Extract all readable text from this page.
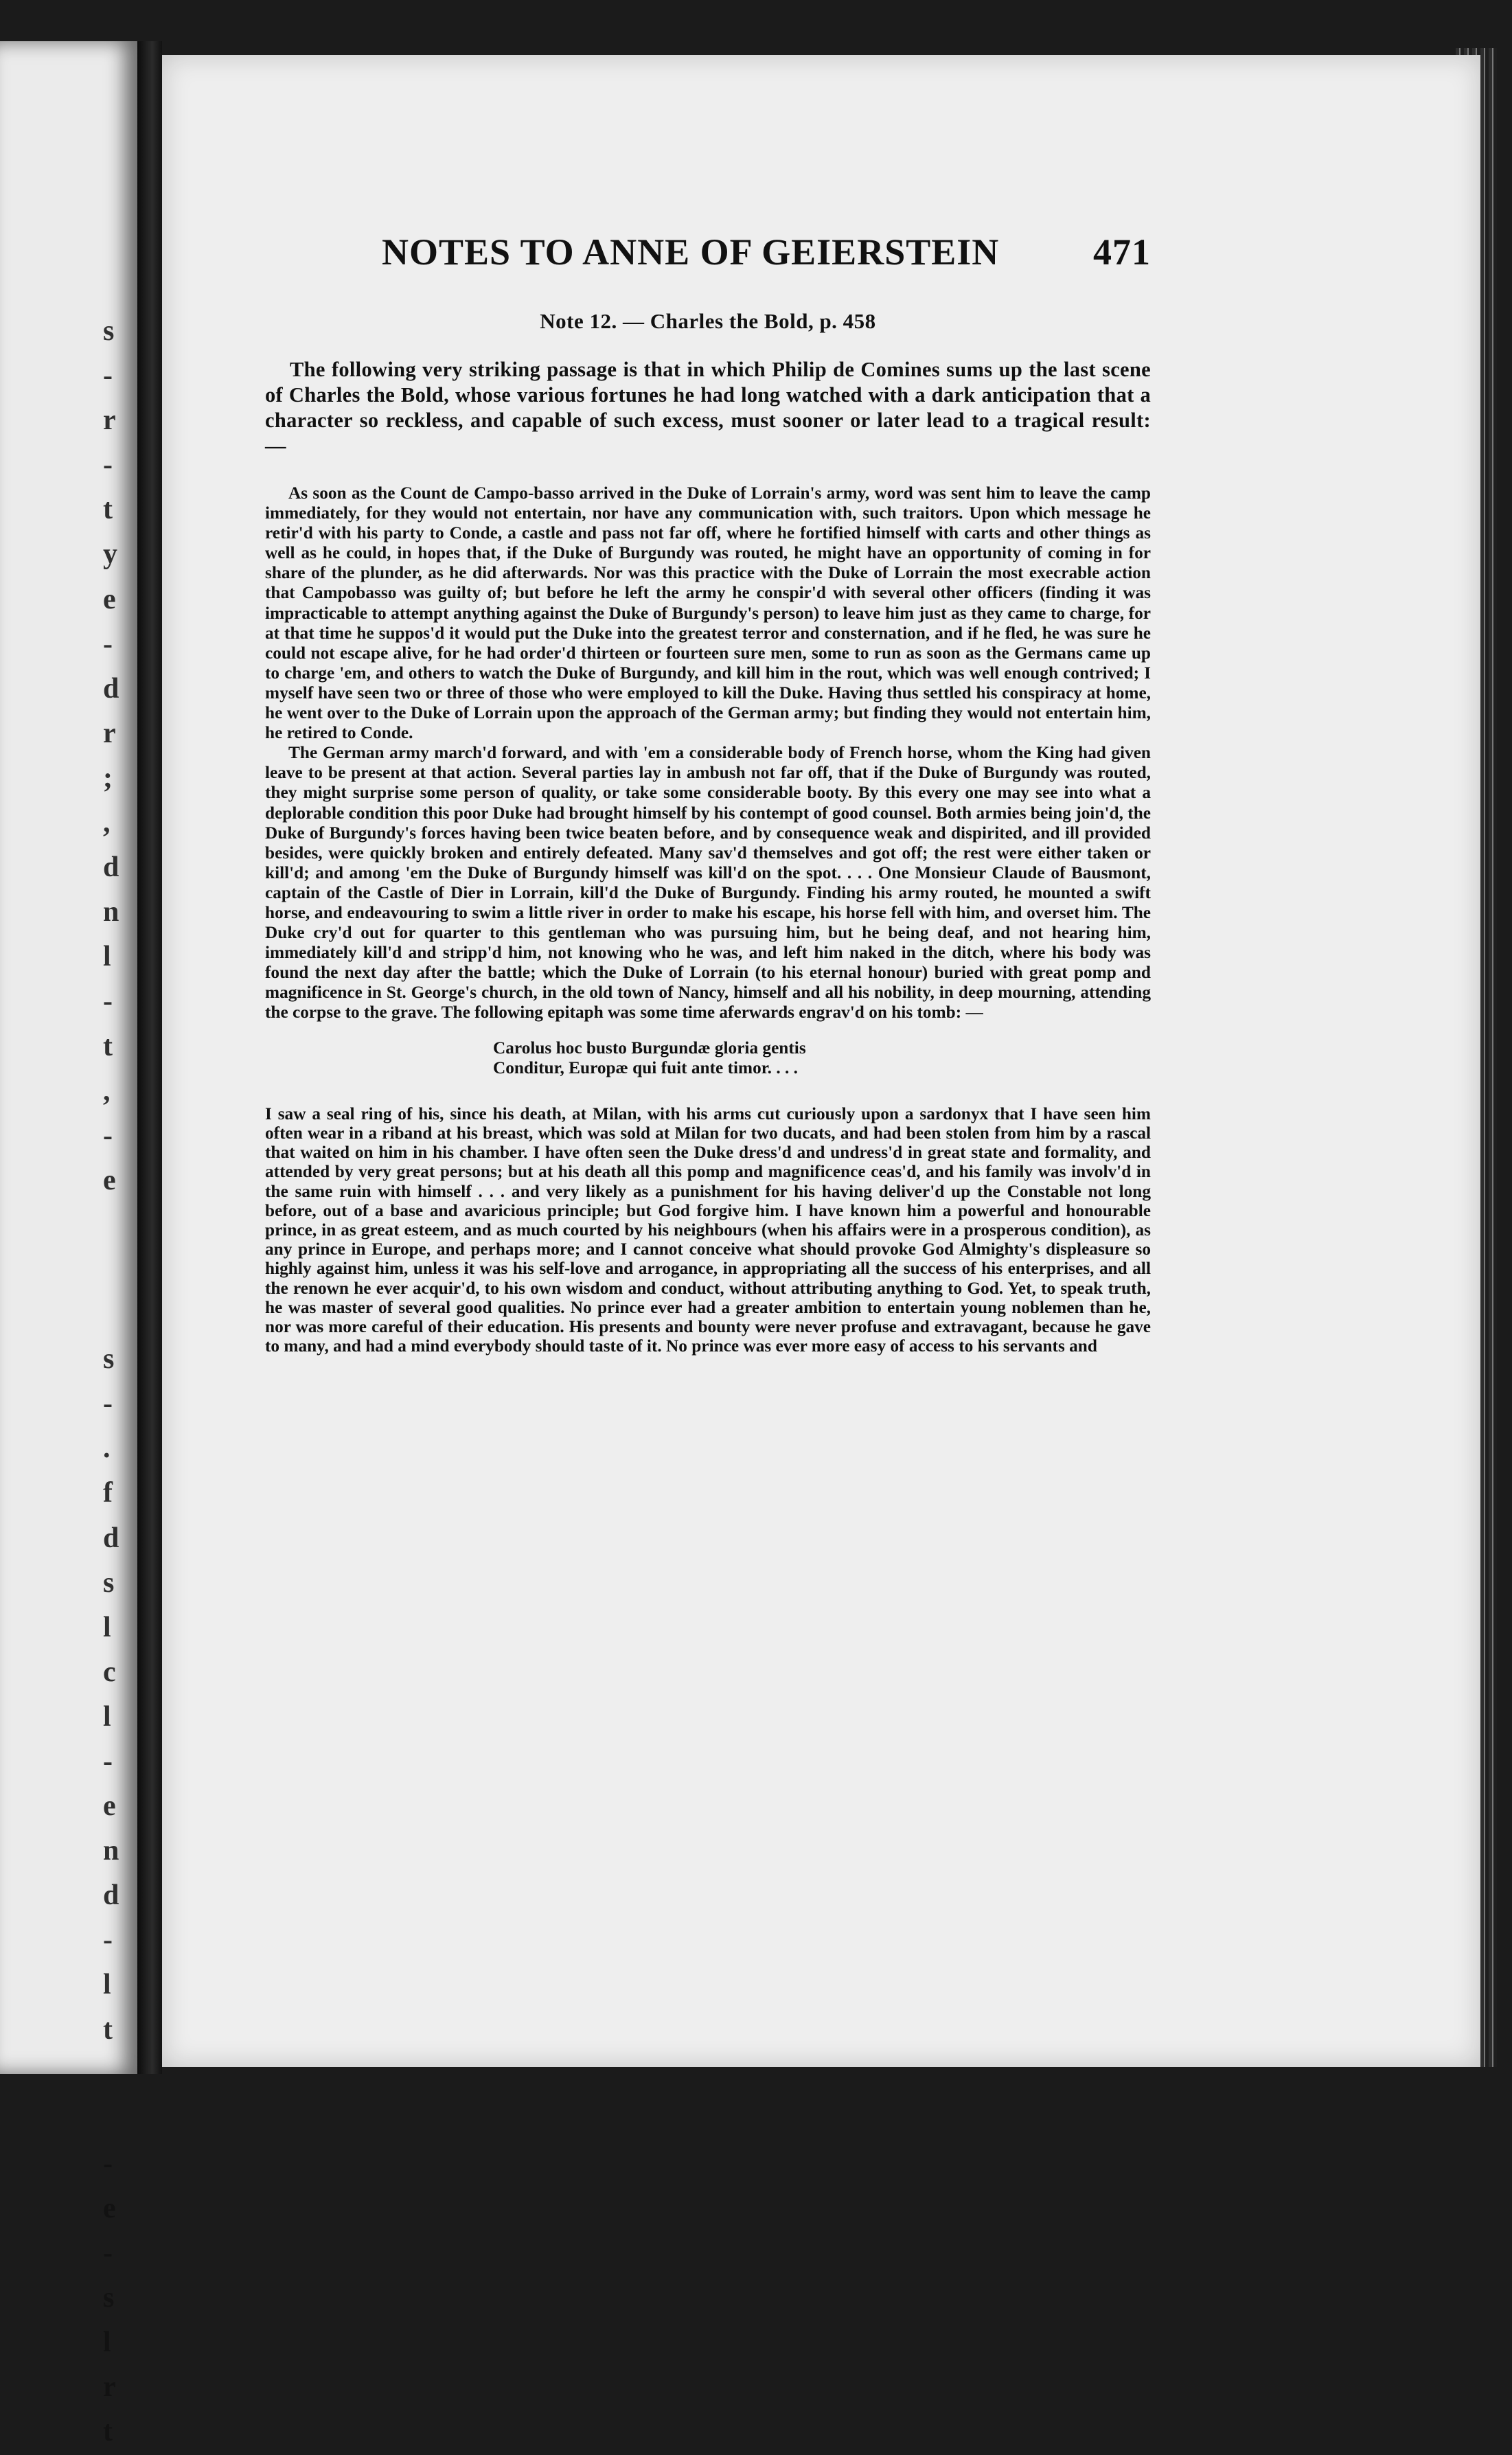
s
-
r
-
t
y
e
-
d
r
;
,
d
n
l
-
t
,
-
e

s
-
.
f
d
s
l
c
l
-
e
n
d
-
l
t

-
e
-
s
l
r
t
NOTES TO ANNE OF GEIERSTEIN	471
Note 12. — Charles the Bold, p. 458

The following very striking passage is that in which Philip de Comines sums up the last scene of Charles the Bold, whose various fortunes he had long watched with a dark anticipation that a character so reckless, and capable of such excess, must sooner or later lead to a tragical result: —

As soon as the Count de Campo-basso arrived in the Duke of Lorrain's army, word was sent him to leave the camp immediately, for they would not entertain, nor have any communication with, such traitors. Upon which message he retir'd with his party to Conde, a castle and pass not far off, where he fortified himself with carts and other things as well as he could, in hopes that, if the Duke of Burgundy was routed, he might have an opportunity of coming in for share of the plunder, as he did afterwards. Nor was this practice with the Duke of Lorrain the most execrable action that Campobasso was guilty of; but before he left the army he conspir'd with several other officers (finding it was impracticable to attempt anything against the Duke of Burgundy's person) to leave him just as they came to charge, for at that time he suppos'd it would put the Duke into the greatest terror and consternation, and if he fled, he was sure he could not escape alive, for he had order'd thirteen or fourteen sure men, some to run as soon as the Germans came up to charge 'em, and others to watch the Duke of Burgundy, and kill him in the rout, which was well enough contrived; I myself have seen two or three of those who were employed to kill the Duke. Having thus settled his conspiracy at home, he went over to the Duke of Lorrain upon the approach of the German army; but finding they would not entertain him, he retired to Conde.

The German army march'd forward, and with 'em a considerable body of French horse, whom the King had given leave to be present at that action. Several parties lay in ambush not far off, that if the Duke of Burgundy was routed, they might surprise some person of quality, or take some considerable booty. By this every one may see into what a deplorable condition this poor Duke had brought himself by his contempt of good counsel. Both armies being join'd, the Duke of Burgundy's forces having been twice beaten before, and by consequence weak and dispirited, and ill provided besides, were quickly broken and entirely defeated. Many sav'd themselves and got off; the rest were either taken or kill'd; and among 'em the Duke of Burgundy himself was kill'd on the spot. . . . One Monsieur Claude of Bausmont, captain of the Castle of Dier in Lorrain, kill'd the Duke of Burgundy. Finding his army routed, he mounted a swift horse, and endeavouring to swim a little river in order to make his escape, his horse fell with him, and overset him. The Duke cry'd out for quarter to this gentleman who was pursuing him, but he being deaf, and not hearing him, immediately kill'd and stripp'd him, not knowing who he was, and left him naked in the ditch, where his body was found the next day after the battle; which the Duke of Lorrain (to his eternal honour) buried with great pomp and magnificence in St. George's church, in the old town of Nancy, himself and all his nobility, in deep mourning, attending the corpse to the grave. The following epitaph was some time aferwards engrav'd on his tomb: —

Carolus hoc busto Burgundæ gloria gentis
Conditur, Europæ qui fuit ante timor. . . .

I saw a seal ring of his, since his death, at Milan, with his arms cut curiously upon a sardonyx that I have seen him often wear in a riband at his breast, which was sold at Milan for two ducats, and had been stolen from him by a rascal that waited on him in his chamber. I have often seen the Duke dress'd and undress'd in great state and formality, and attended by very great persons; but at his death all this pomp and magnificence ceas'd, and his family was involv'd in the same ruin with himself . . . and very likely as a punishment for his having deliver'd up the Constable not long before, out of a base and avaricious principle; but God forgive him. I have known him a powerful and honourable prince, in as great esteem, and as much courted by his neighbours (when his affairs were in a prosperous condition), as any prince in Europe, and perhaps more; and I cannot conceive what should provoke God Almighty's displeasure so highly against him, unless it was his self-love and arrogance, in appropriating all the success of his enterprises, and all the renown he ever acquir'd, to his own wisdom and conduct, without attributing anything to God. Yet, to speak truth, he was master of several good qualities. No prince ever had a greater ambition to entertain young noblemen than he, nor was more careful of their education. His presents and bounty were never profuse and extravagant, because he gave to many, and had a mind everybody should taste of it. No prince was ever more easy of access to his servants and
